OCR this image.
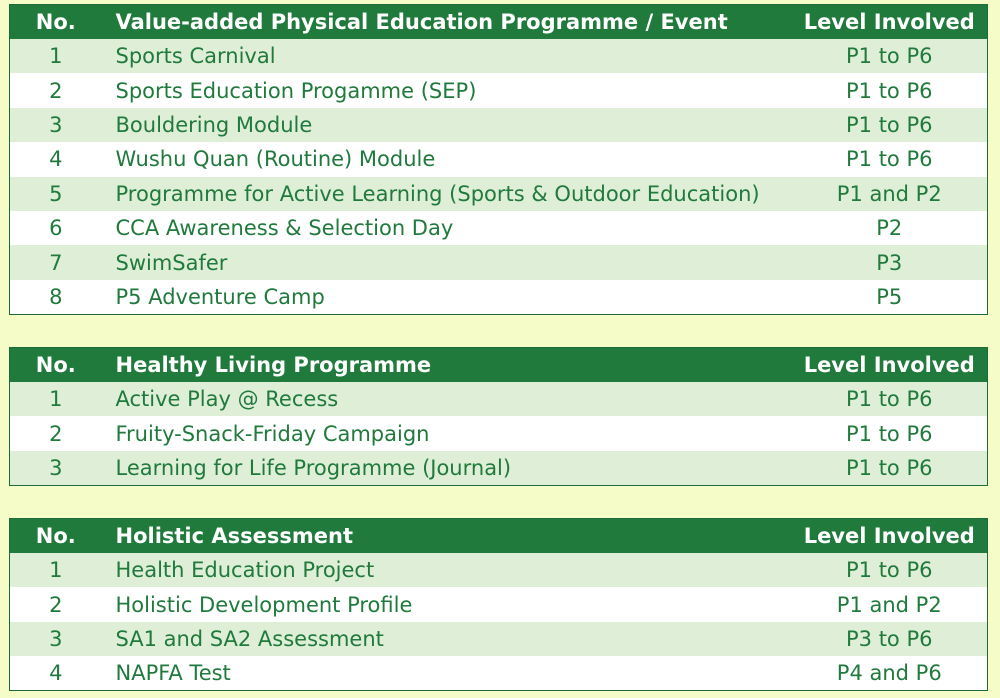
No.	Value-added Physical Education Programme / Event	Level Involved
1	Sports Carnival	P1 to P6
2	Sports Education Progamme (SEP)	P1 to P6
3	Bouldering Module	P1 to P6
4	Wushu Quan (Routine) Module	P1 to P6
5	Programme for Active Learning (Sports & Outdoor Education)	P1 and P2
6	CCA Awareness & Selection Day	P2
7	SwimSafer	P3
8	P5 Adventure Camp	P5
No.	Healthy Living Programme	Level Involved
1	Active Play @ Recess	P1 to P6
2	Fruity-Snack-Friday Campaign	P1 to P6
3	Learning for Life Programme (Journal)	P1 to P6
No.	Holistic Assessment	Level Involved
1	Health Education Project	P1 to P6
2	Holistic Development Profile	P1 and P2
3	SA1 and SA2 Assessment	P3 to P6
4	NAPFA Test	P4 and P6
